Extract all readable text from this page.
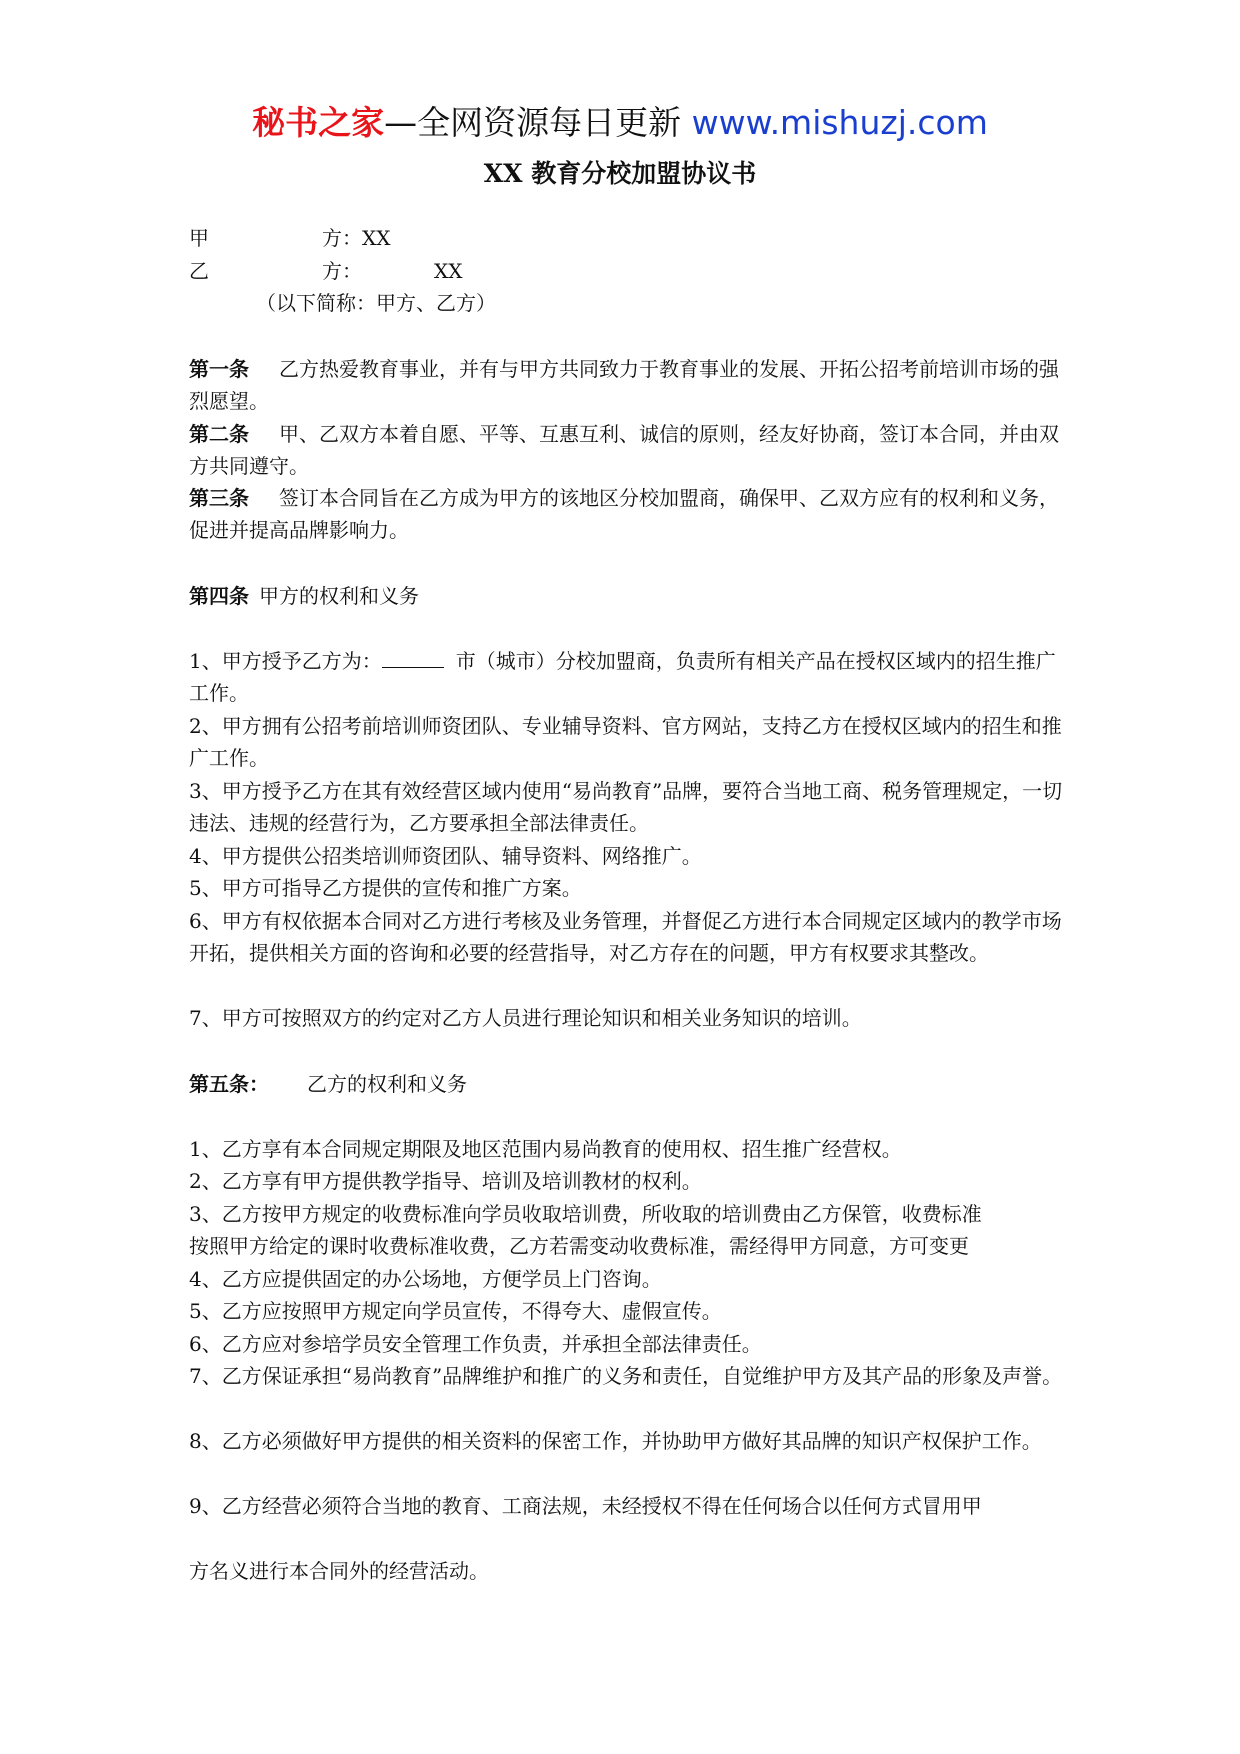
秘书之家—全网资源每日更新 www.mishuzj.com
XX 教育分校加盟协议书
甲	方：XX
乙	方：	XX
（以下简称：甲方、乙方）

第一条 乙方热爱教育事业，并有与甲方共同致力于教育事业的发展、开拓公招考前培训市场的强烈愿望。

第二条 甲、乙双方本着自愿、平等、互惠互利、诚信的原则，经友好协商，签订本合同，并由双方共同遵守。

第三条 签订本合同旨在乙方成为甲方的该地区分校加盟商，确保甲、乙双方应有的权利和义务，促进并提高品牌影响力。

第四条 甲方的权利和义务

1、甲方授予乙方为：	市（城市）分校加盟商，负责所有相关产品在授权区域内的招生推广工作。

2、甲方拥有公招考前培训师资团队、专业辅导资料、官方网站，支持乙方在授权区域内的招生和推广工作。
3、甲方授予乙方在其有效经营区域内使用“易尚教育”品牌，要符合当地工商、税务管理规定，一切违法、违规的经营行为，乙方要承担全部法律责任。
4、甲方提供公招类培训师资团队、辅导资料、网络推广。
5、甲方可指导乙方提供的宣传和推广方案。
6、甲方有权依据本合同对乙方进行考核及业务管理，并督促乙方进行本合同规定区域内的教学市场开拓，提供相关方面的咨询和必要的经营指导，对乙方存在的问题，甲方有权要求其整改。
7、甲方可按照双方的约定对乙方人员进行理论知识和相关业务知识的培训。
第五条： 乙方的权利和义务
1、乙方享有本合同规定期限及地区范围内易尚教育的使用权、招生推广经营权。
2、乙方享有甲方提供教学指导、培训及培训教材的权利。
3、乙方按甲方规定的收费标准向学员收取培训费，所收取的培训费由乙方保管，收费标准
按照甲方给定的课时收费标准收费，乙方若需变动收费标准，需经得甲方同意，方可变更
4、乙方应提供固定的办公场地，方便学员上门咨询。
5、乙方应按照甲方规定向学员宣传，不得夸大、虚假宣传。
6、乙方应对参培学员安全管理工作负责，并承担全部法律责任。
7、乙方保证承担“易尚教育”品牌维护和推广的义务和责任，自觉维护甲方及其产品的形象及声誉。
8、乙方必须做好甲方提供的相关资料的保密工作，并协助甲方做好其品牌的知识产权保护工作。
9、乙方经营必须符合当地的教育、工商法规，未经授权不得在任何场合以任何方式冒用甲
方名义进行本合同外的经营活动。
